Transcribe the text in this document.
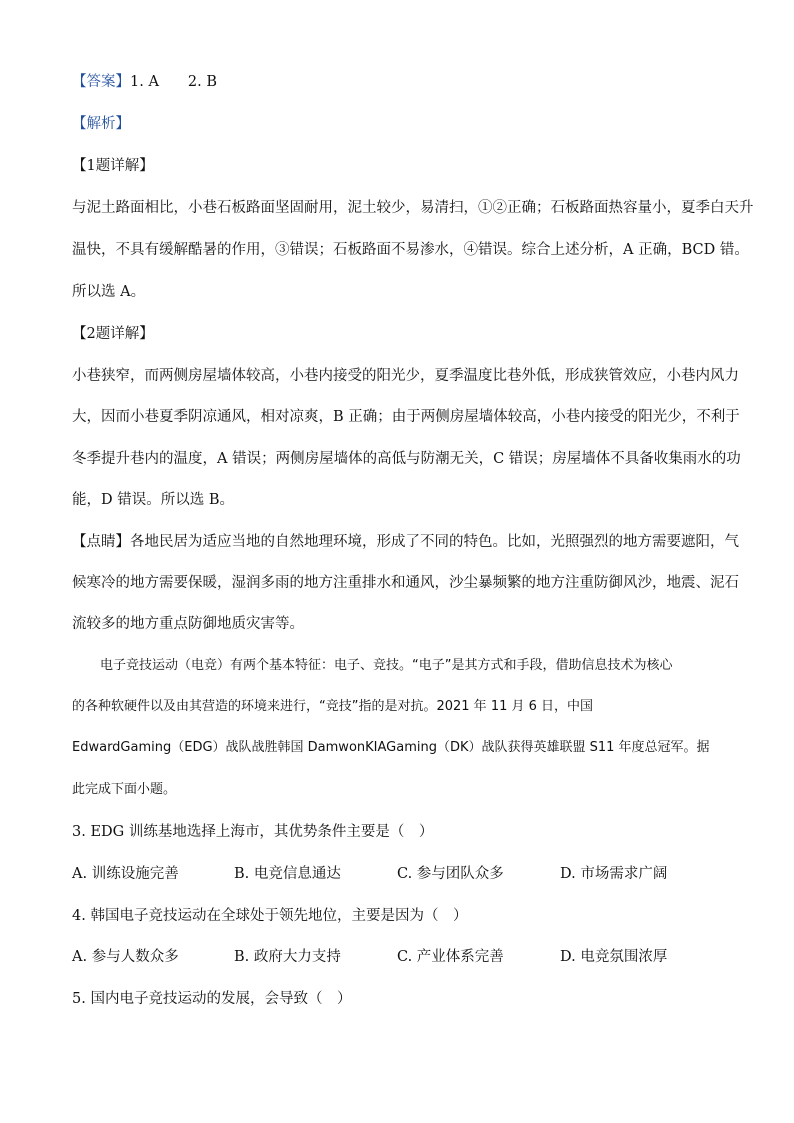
【答案】1. A　　2. B
【解析】
【1题详解】
与泥土路面相比，小巷石板路面坚固耐用，泥土较少，易清扫，①②正确；石板路面热容量小，夏季白天升
温快，不具有缓解酷暑的作用，③错误；石板路面不易渗水，④错误。综合上述分析，A 正确，BCD 错。
所以选 A。
【2题详解】
小巷狭窄，而两侧房屋墙体较高，小巷内接受的阳光少，夏季温度比巷外低，形成狭管效应，小巷内风力
大，因而小巷夏季阴凉通风，相对凉爽，B 正确；由于两侧房屋墙体较高，小巷内接受的阳光少，不利于
冬季提升巷内的温度，A 错误；两侧房屋墙体的高低与防潮无关，C 错误；房屋墙体不具备收集雨水的功
能，D 错误。所以选 B。
【点睛】各地民居为适应当地的自然地理环境，形成了不同的特色。比如，光照强烈的地方需要遮阳，气
候寒冷的地方需要保暖，湿润多雨的地方注重排水和通风，沙尘暴频繁的地方注重防御风沙，地震、泥石
流较多的地方重点防御地质灾害等。
电子竞技运动（电竞）有两个基本特征：电子、竞技。“电子”是其方式和手段，借助信息技术为核心
的各种软硬件以及由其营造的环境来进行，“竞技”指的是对抗。2021 年 11 月 6 日，中国
EdwardGaming（EDG）战队战胜韩国 DamwonKIAGaming（DK）战队获得英雄联盟 S11 年度总冠军。据
此完成下面小题。
3. EDG 训练基地选择上海市，其优势条件主要是（　）
A. 训练设施完善	B. 电竞信息通达	C. 参与团队众多	D. 市场需求广阔
4. 韩国电子竞技运动在全球处于领先地位，主要是因为（　）
A. 参与人数众多	B. 政府大力支持	C. 产业体系完善	D. 电竞氛围浓厚
5. 国内电子竞技运动的发展，会导致（　）
